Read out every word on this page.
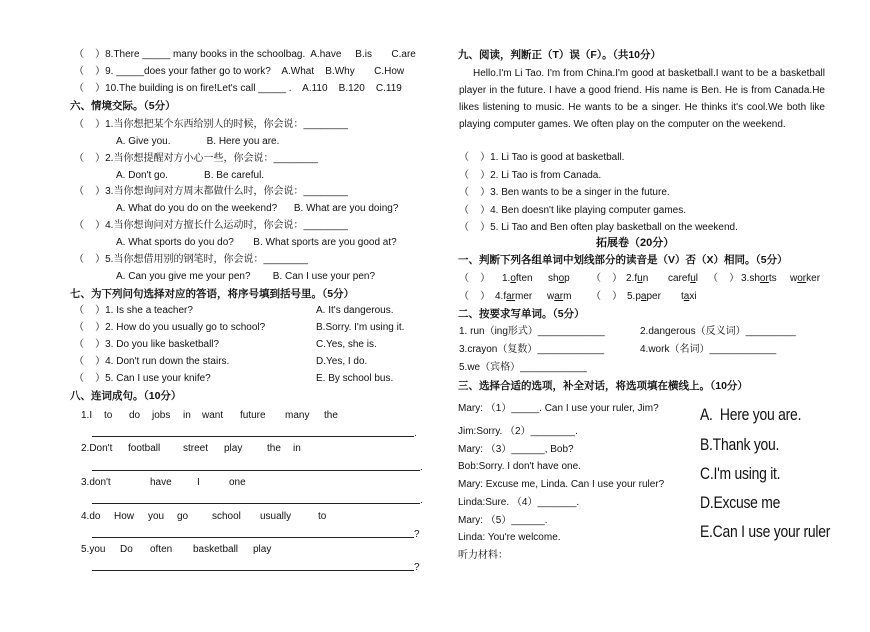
（    ）8.There _____ many books in the schoolbag.  A.have     B.is       C.are
（    ）9. _____does your father go to work?    A.What    B.Why       C.How
（    ）10.The building is on fire!Let's call _____ .    A.110    B.120    C.119
六、情境交际。（5分）
（    ）1.当你想把某个东西给别人的时候，你会说：________
A. Give you.             B. Here you are.
（    ）2.当你想提醒对方小心一些，你会说：________
A. Don't go.             B. Be careful.
（    ）3.当你想询问对方周末都做什么时，你会说：________
A. What do you do on the weekend?      B. What are you doing?
（    ）4.当你想询问对方擅长什么运动时，你会说：________
A. What sports do you do?       B. What sports are you good at?
（    ）5.当你想借用别的钢笔时，你会说：________
A. Can you give me your pen?        B. Can I use your pen?
七、为下列问句选择对应的答语，将序号填到括号里。（5分）
（    ）1. Is she a teacher?	A. It's dangerous.
（    ）2. How do you usually go to school?	B.Sorry. I'm using it.
（    ）3. Do you like basketball?	C.Yes, she is.
（    ）4. Don't run down the stairs.	D.Yes, I do.
（    ）5. Can I use your knife?	E. By school bus.
八、连词成句。（10分）
1.I to do jobs in want future many the
.
2.Don't football street play the in
.
3.don't	have	I	one
.
4.do How you go school usually	to
?
5.you Do often basketball play
?
九、阅读，判断正（T）误（F）。（共10分）
Hello.I'm Li Tao. I'm from China.I'm good at basketball.I want to be a basketball player in the future. I have a good friend. His name is Ben. He is from Canada.He likes listening to music. He wants to be a singer. He thinks it's cool.We both like playing computer games. We often play on the computer on the weekend.
（    ）1. Li Tao is good at basketball.
（    ）2. Li Tao is from Canada.
（    ）3. Ben wants to be a singer in the future.
（    ）4. Ben doesn't like playing computer games.
（    ）5. Li Tao and Ben often play basketball on the weekend.
拓展卷（20分）
一、判断下列各组单词中划线部分的读音是（V）否（X）相同。（5分）
（    ） 1.often shop （    ） 2.fun careful （    ） 3.shorts worker
（    ） 4.farmer warm （    ） 5.paper taxi
二、按要求写单词。（5分）
1. run（ing形式）____________	2.dangerous（反义词）_________
3.crayon（复数）____________	4.work（名词）____________
5.we（宾格）____________
三、选择合适的选项，补全对话，将选项填在横线上。（10分）
Mary: （1）_____. Can I use your ruler, Jim?
Jim:Sorry. （2）________.
Mary: （3）______, Bob?
Bob:Sorry. I don't have one.
Mary: Excuse me, Linda. Can I use your ruler?
Linda:Sure. （4）_______.
Mary: （5）______.
Linda: You're welcome.
听力材料：
A.  Here you are.
B.Thank you.
C.I'm using it.
D.Excuse me
E.Can I use your ruler
